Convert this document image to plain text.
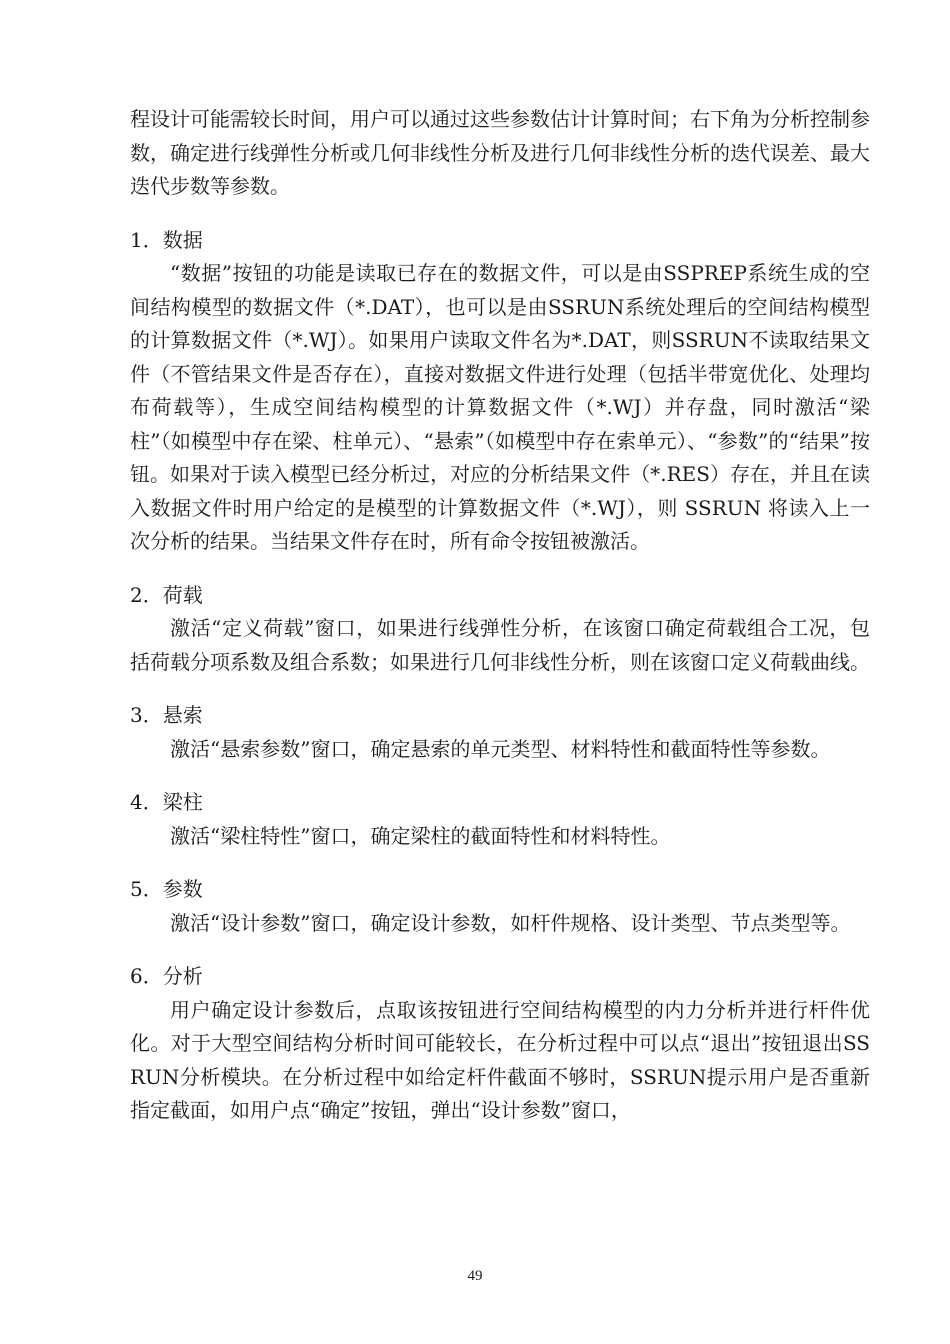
程设计可能需较长时间，用户可以通过这些参数估计计算时间；右下角为分析控制参数，确定进行线弹性分析或几何非线性分析及进行几何非线性分析的迭代误差、最大迭代步数等参数。

1．数据

“数据”按钮的功能是读取已存在的数据文件，可以是由SSPREP系统生成的空间结构模型的数据文件（*.DAT），也可以是由SSRUN系统处理后的空间结构模型的计算数据文件（*.WJ）。如果用户读取文件名为*.DAT，则SSRUN不读取结果文件（不管结果文件是否存在），直接对数据文件进行处理（包括半带宽优化、处理均布荷载等），生成空间结构模型的计算数据文件（*.WJ）并存盘，同时激活“梁柱”（如模型中存在梁、柱单元）、“悬索”（如模型中存在索单元）、“参数”的“结果”按钮。如果对于读入模型已经分析过，对应的分析结果文件（*.RES）存在，并且在读入数据文件时用户给定的是模型的计算数据文件（*.WJ），则 SSRUN 将读入上一次分析的结果。当结果文件存在时，所有命令按钮被激活。

2．荷载

激活“定义荷载”窗口，如果进行线弹性分析，在该窗口确定荷载组合工况，包括荷载分项系数及组合系数；如果进行几何非线性分析，则在该窗口定义荷载曲线。

3．悬索

激活“悬索参数”窗口，确定悬索的单元类型、材料特性和截面特性等参数。

4．梁柱

激活“梁柱特性”窗口，确定梁柱的截面特性和材料特性。

5．参数

激活“设计参数”窗口，确定设计参数，如杆件规格、设计类型、节点类型等。

6．分析

用户确定设计参数后，点取该按钮进行空间结构模型的内力分析并进行杆件优化。对于大型空间结构分析时间可能较长，在分析过程中可以点“退出”按钮退出SSRUN分析模块。在分析过程中如给定杆件截面不够时，SSRUN提示用户是否重新指定截面，如用户点“确定”按钮，弹出“设计参数”窗口，

49
